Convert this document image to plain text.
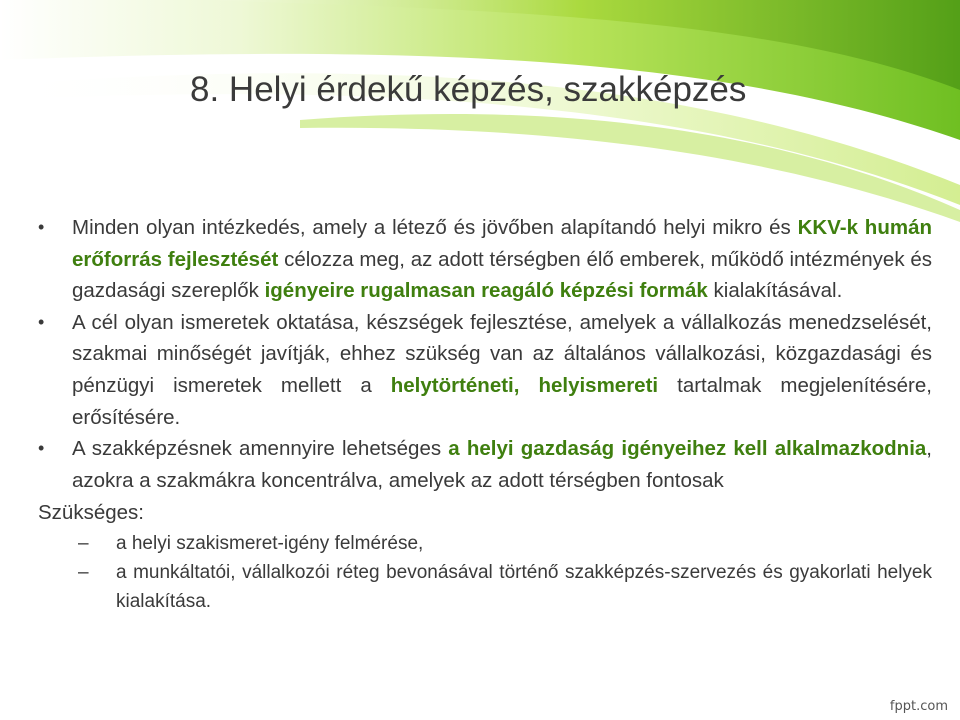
8. Helyi érdekű képzés, szakképzés
• Minden olyan intézkedés, amely a létező és jövőben alapítandó helyi mikro és KKV-k humán erőforrás fejlesztését célozza meg, az adott térségben élő emberek, működő intézmények és gazdasági szereplők igényeire rugalmasan reagáló képzési formák kialakításával.
• A cél olyan ismeretek oktatása, készségek fejlesztése, amelyek a vállalkozás menedzselését, szakmai minőségét javítják, ehhez szükség van az általános vállalkozási, közgazdasági és pénzügyi ismeretek mellett a helytörténeti, helyismereti tartalmak megjelenítésére, erősítésére.
• A szakképzésnek amennyire lehetséges a helyi gazdaság igényeihez kell alkalmazkodnia, azokra a szakmákra koncentrálva, amelyek az adott térségben fontosak
Szükséges:
– a helyi szakismeret-igény felmérése,
– a munkáltatói, vállalkozói réteg bevonásával történő szakképzés-szervezés és gyakorlati helyek kialakítása.
fppt.com
